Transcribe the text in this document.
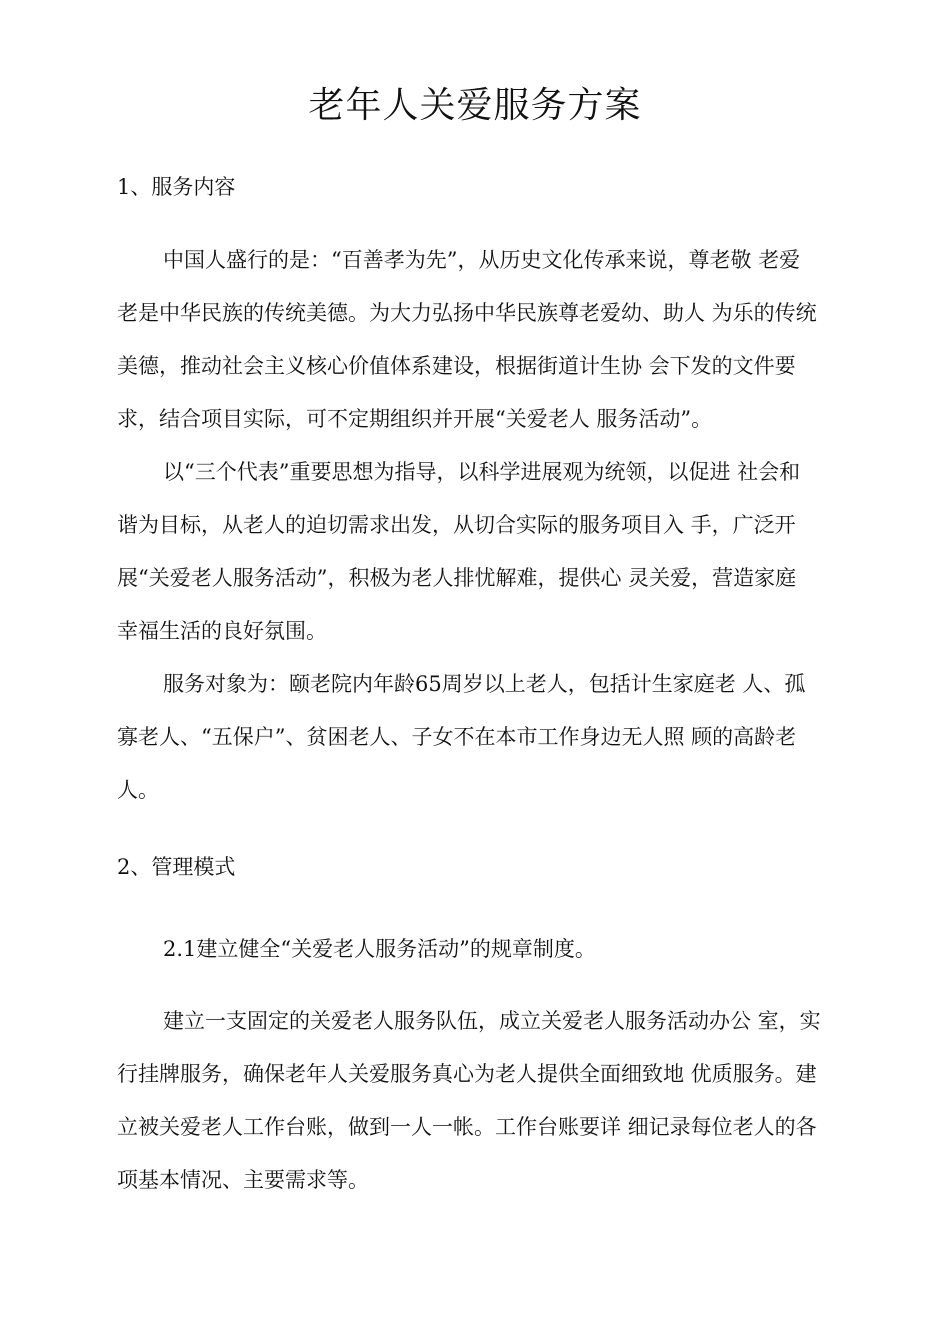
老年人关爱服务方案
1、服务内容

中国人盛行的是：“百善孝为先”，从历史文化传承来说，尊老敬 老爱
老是中华民族的传统美德。为大力弘扬中华民族尊老爱幼、助人 为乐的传统
美德，推动社会主义核心价值体系建设，根据街道计生协 会下发的文件要
求，结合项目实际，可不定期组织并开展“关爱老人 服务活动”。

以“三个代表”重要思想为指导，以科学进展观为统领，以促进 社会和
谐为目标，从老人的迫切需求出发，从切合实际的服务项目入 手，广泛开
展“关爱老人服务活动”，积极为老人排忧解难，提供心 灵关爱，营造家庭
幸福生活的良好氛围。

服务对象为：颐老院内年龄65周岁以上老人，包括计生家庭老 人、孤
寡老人、“五保户”、贫困老人、子女不在本市工作身边无人照 顾的高龄老
人。

2、管理模式

2.1建立健全“关爱老人服务活动”的规章制度。

建立一支固定的关爱老人服务队伍，成立关爱老人服务活动办公 室，实
行挂牌服务，确保老年人关爱服务真心为老人提供全面细致地 优质服务。建
立被关爱老人工作台账，做到一人一帐。工作台账要详 细记录每位老人的各
项基本情况、主要需求等。
